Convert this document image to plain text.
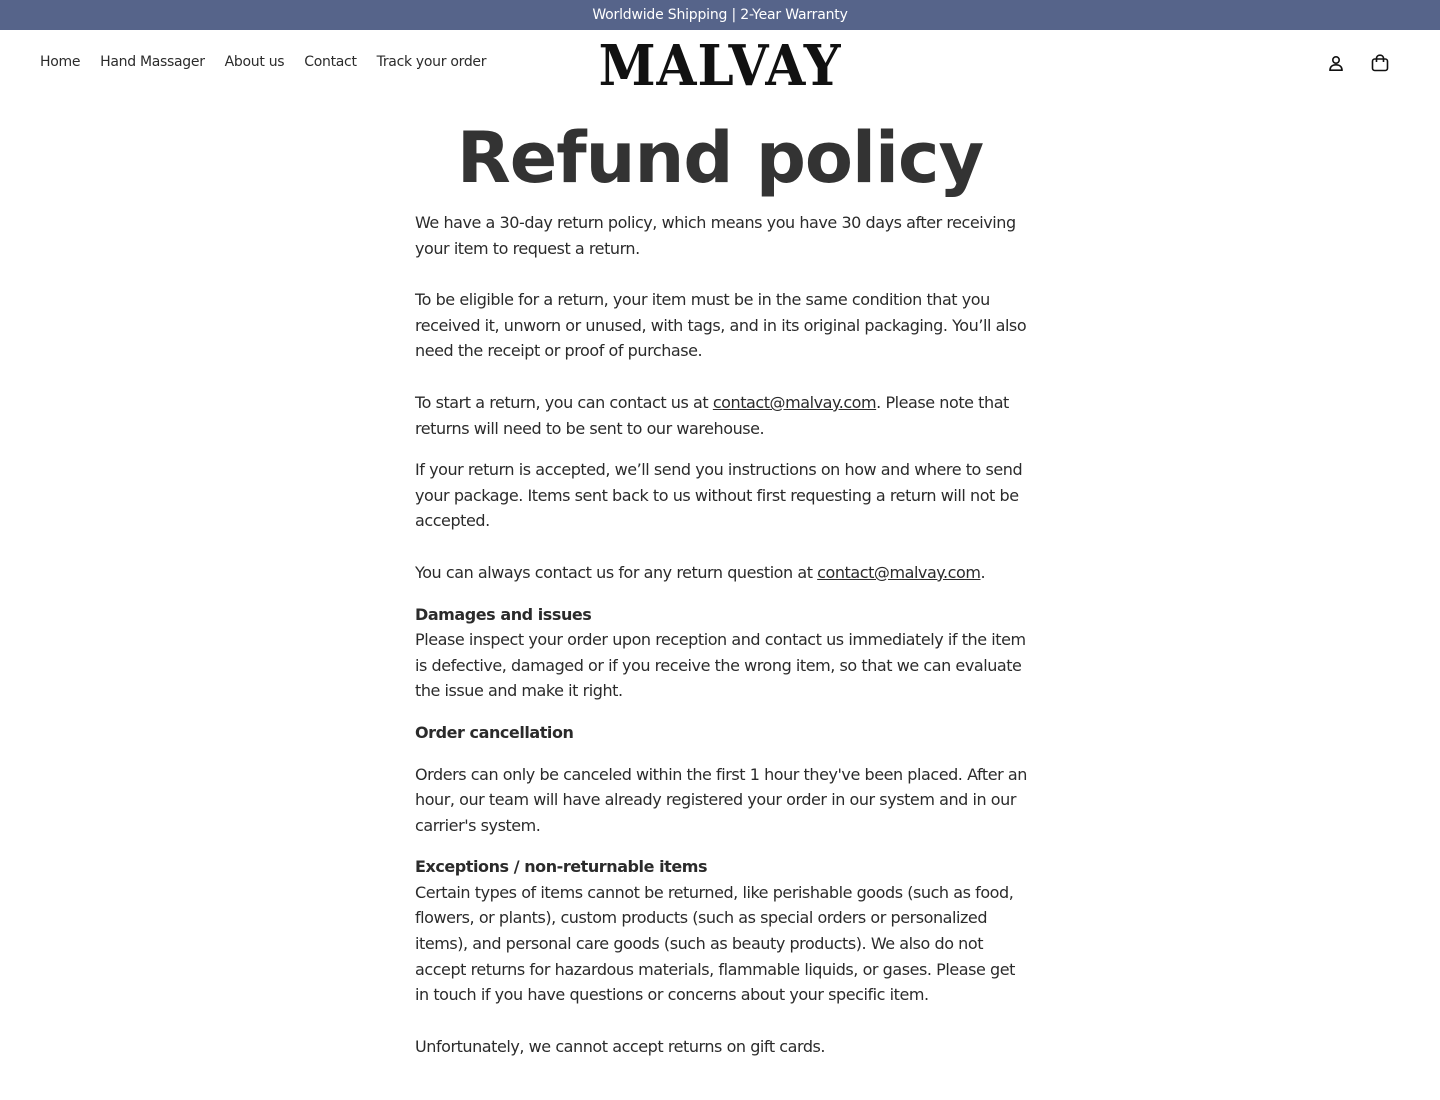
Worldwide Shipping | 2-Year Warranty
Home Hand Massager About us Contact Track your order	MALVAY
Refund policy

We have a 30-day return policy, which means you have 30 days after receiving your item to request a return.

To be eligible for a return, your item must be in the same condition that you received it, unworn or unused, with tags, and in its original packaging. You’ll also need the receipt or proof of purchase.

To start a return, you can contact us at contact@malvay.com. Please note that returns will need to be sent to our warehouse.

If your return is accepted, we’ll send you instructions on how and where to send your package. Items sent back to us without first requesting a return will not be accepted.

You can always contact us for any return question at contact@malvay.com.

Damages and issues

Please inspect your order upon reception and contact us immediately if the item is defective, damaged or if you receive the wrong item, so that we can evaluate the issue and make it right.

Order cancellation

Orders can only be canceled within the first 1 hour they've been placed. After an hour, our team will have already registered your order in our system and in our carrier's system.

Exceptions / non-returnable items

Certain types of items cannot be returned, like perishable goods (such as food, flowers, or plants), custom products (such as special orders or personalized items), and personal care goods (such as beauty products). We also do not accept returns for hazardous materials, flammable liquids, or gases. Please get in touch if you have questions or concerns about your specific item.

Unfortunately, we cannot accept returns on gift cards.
